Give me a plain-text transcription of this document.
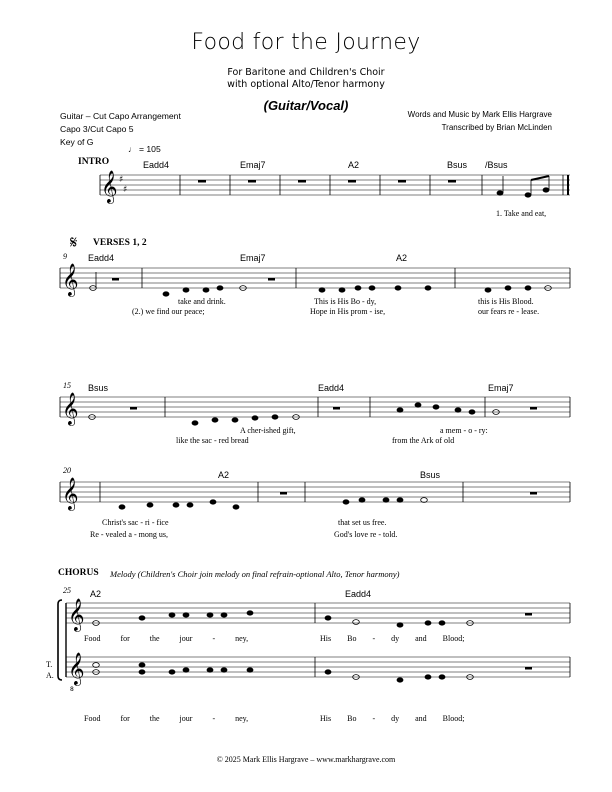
Food for the Journey
For Baritone and Children's Choir
with optional Alto/Tenor harmony
(Guitar/Vocal)
Guitar – Cut Capo Arrangement
Capo 3/Cut Capo 5
Key of G
Words and Music by Mark Ellis Hargrave
Transcribed by Brian McLinden
♩ = 105
INTRO
𝄋 VERSES 1, 2
CHORUS Melody (Children's Choir join melody on final refrain-optional Alto, Tenor harmony)
9
15
20
25
Eadd4	Emaj7	A2	Bsus /Bsus
Eadd4	Emaj7	A2
Bsus	Eadd4	Emaj7
A2	Bsus
A2	Eadd4
1. Take and eat,
take and drink.	This is His Bo - dy,	this is His Blood.
(2.) we find our peace;	Hope in His prom - ise,	our fears re - lease.
A cher-ished gift,	a mem - o - ry:
like the sac - red bread	from the Ark of old
Christ's sac - ri - fice	that set us free.
Re - vealed a - mong us,	God's love re - told.
Food for the jour - ney,	His Bo - dy and Blood;
Food for the jour - ney,	His Bo - dy and Blood;
T.
A.
𝄞 ♯
♯
𝄞
𝄞
𝄞
𝄞
𝄞
8
© 2025 Mark Ellis Hargrave – www.markhargrave.com
